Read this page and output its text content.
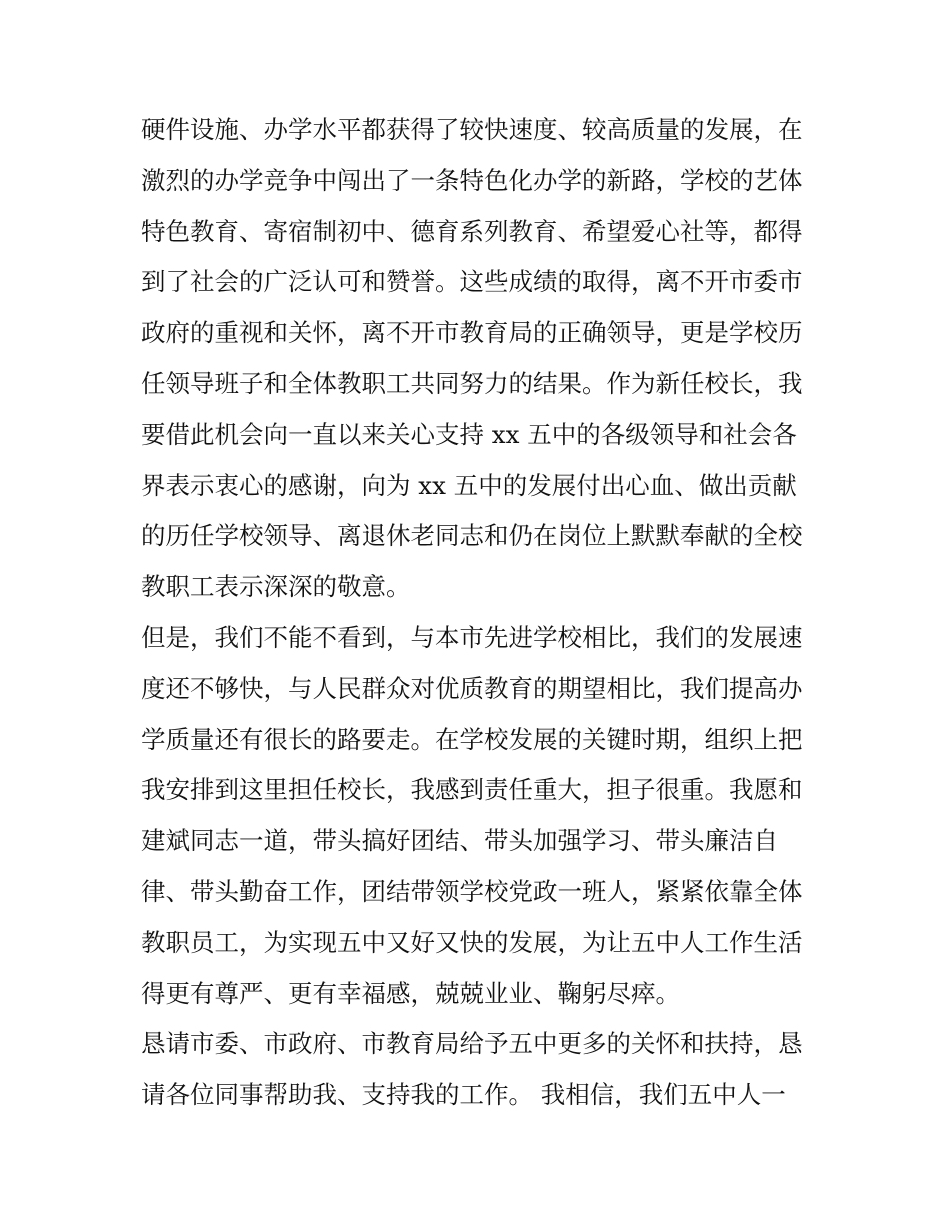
硬件设施、办学水平都获得了较快速度、较高质量的发展，在
激烈的办学竞争中闯出了一条特色化办学的新路，学校的艺体
特色教育、寄宿制初中、德育系列教育、希望爱心社等，都得
到了社会的广泛认可和赞誉。这些成绩的取得，离不开市委市
政府的重视和关怀，离不开市教育局的正确领导，更是学校历
任领导班子和全体教职工共同努力的结果。作为新任校长，我
要借此机会向一直以来关心支持 xx 五中的各级领导和社会各
界表示衷心的感谢，向为 xx 五中的发展付出心血、做出贡献
的历任学校领导、离退休老同志和仍在岗位上默默奉献的全校
教职工表示深深的敬意。
但是，我们不能不看到，与本市先进学校相比，我们的发展速
度还不够快，与人民群众对优质教育的期望相比，我们提高办
学质量还有很长的路要走。在学校发展的关键时期，组织上把
我安排到这里担任校长，我感到责任重大，担子很重。我愿和
建斌同志一道，带头搞好团结、带头加强学习、带头廉洁自
律、带头勤奋工作，团结带领学校党政一班人，紧紧依靠全体
教职员工，为实现五中又好又快的发展，为让五中人工作生活
得更有尊严、更有幸福感，兢兢业业、鞠躬尽瘁。
恳请市委、市政府、市教育局给予五中更多的关怀和扶持，恳
请各位同事帮助我、支持我的工作。 我相信，我们五中人一
